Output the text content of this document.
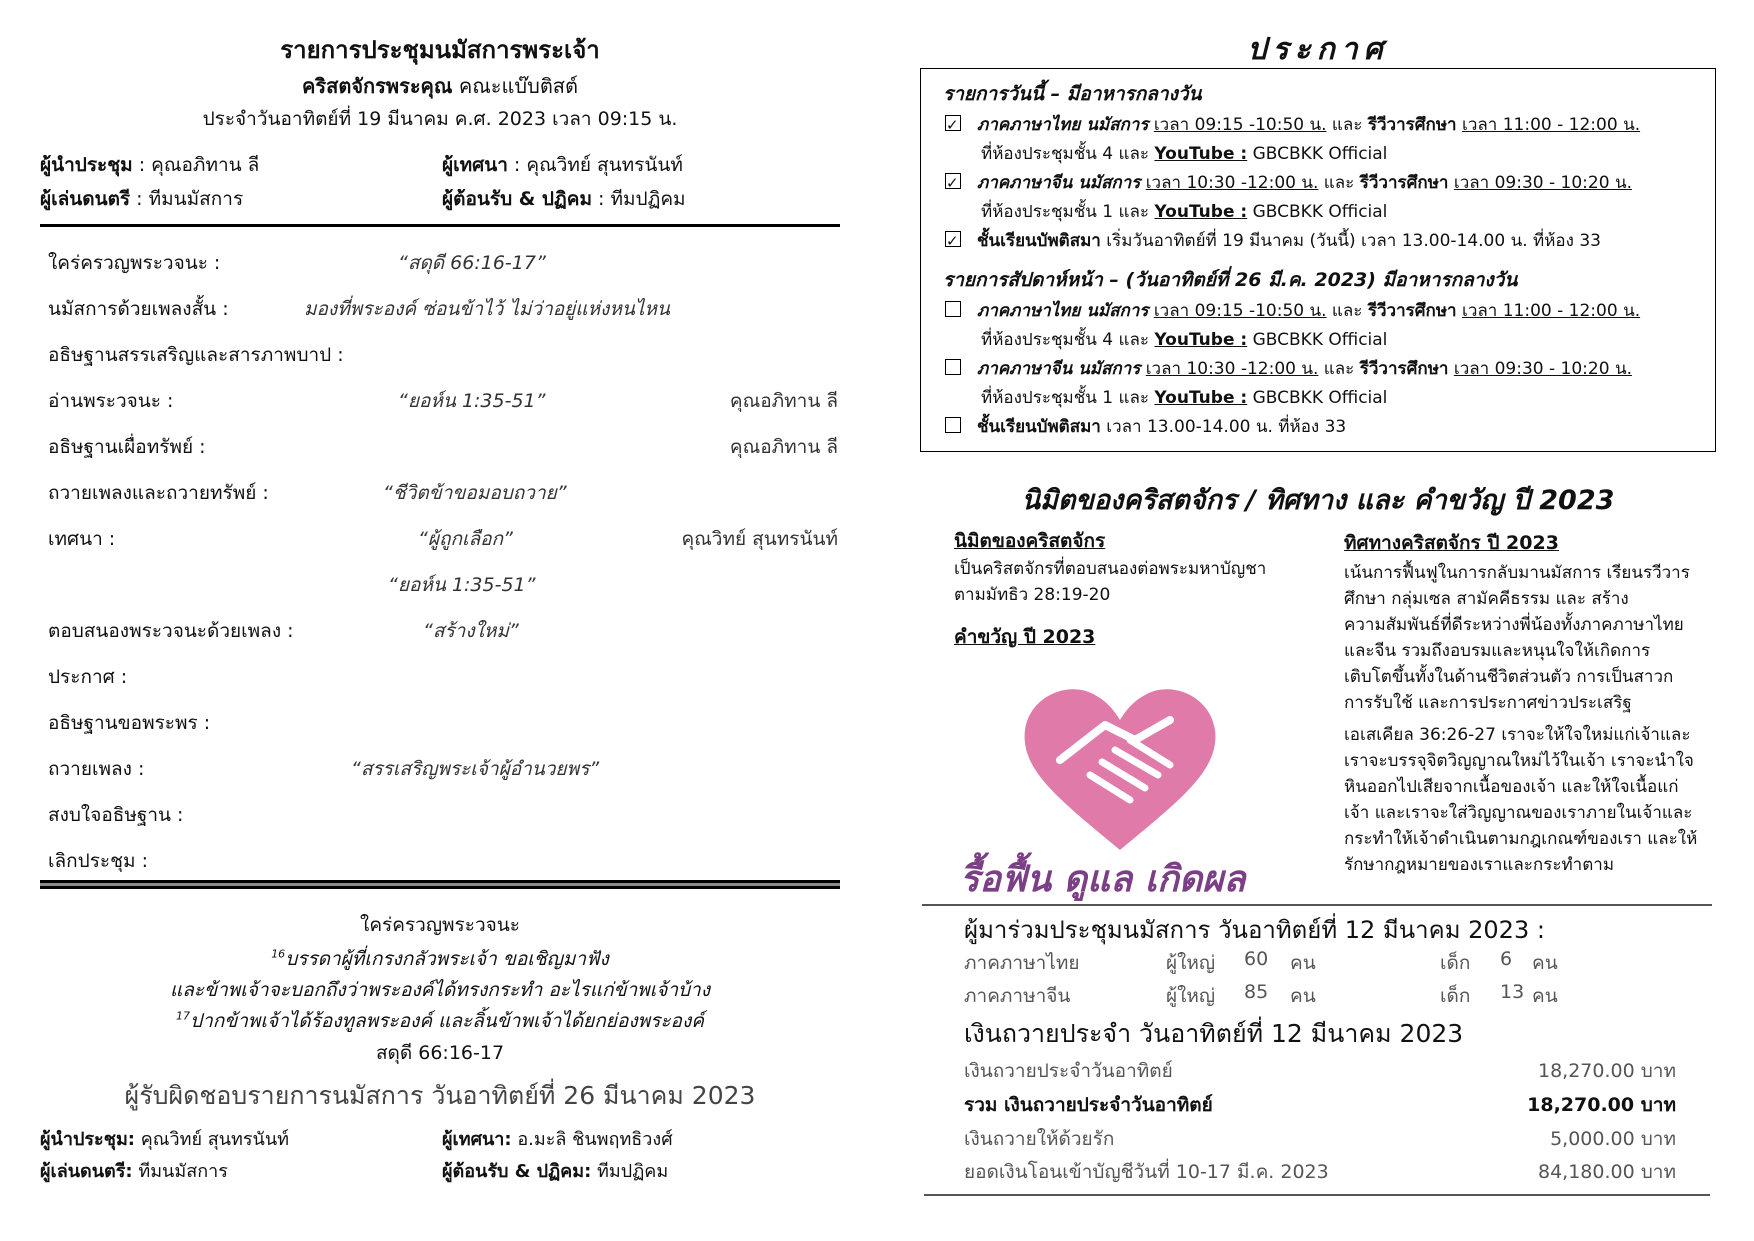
รายการประชุมนมัสการพระเจ้า
คริสตจักรพระคุณ คณะแบ๊บติสต์
ประจำวันอาทิตย์ที่ 19 มีนาคม ค.ศ. 2023 เวลา 09:15 น.
ผู้นำประชุม : คุณอภิทาน ลี	ผู้เทศนา : คุณวิทย์ สุนทรนันท์
ผู้เล่นดนตรี : ทีมนมัสการ	ผู้ต้อนรับ & ปฏิคม : ทีมปฏิคม
ใคร่ครวญพระวจนะ :	“สดุดี 66:16-17”
นมัสการด้วยเพลงสั้น :	มองที่พระองค์ ซ่อนข้าไว้ ไม่ว่าอยู่แห่งหนไหน
อธิษฐานสรรเสริญและสารภาพบาป :
อ่านพระวจนะ :	“ยอห์น 1:35-51”	คุณอภิทาน ลี
อธิษฐานเผื่อทรัพย์ :	คุณอภิทาน ลี
ถวายเพลงและถวายทรัพย์ :	“ชีวิตข้าขอมอบถวาย”
เทศนา :	“ผู้ถูกเลือก”	คุณวิทย์ สุนทรนันท์
“ยอห์น 1:35-51”
ตอบสนองพระวจนะด้วยเพลง :	“สร้างใหม่”
ประกาศ :
อธิษฐานขอพระพร :
ถวายเพลง :	“สรรเสริญพระเจ้าผู้อำนวยพร”
สงบใจอธิษฐาน :
เลิกประชุม :
ใคร่ครวญพระวจนะ
$^{16}$บรรดาผู้ที่เกรงกลัวพระเจ้า ขอเชิญมาฟัง
และข้าพเจ้าจะบอกถึงว่าพระองค์ได้ทรงกระทำ อะไรแก่ข้าพเจ้าบ้าง
$^{17}$ปากข้าพเจ้าได้ร้องทูลพระองค์ และลิ้นข้าพเจ้าได้ยกย่องพระองค์
สดุดี 66:16-17
ผู้รับผิดชอบรายการนมัสการ วันอาทิตย์ที่ 26 มีนาคม 2023
ผู้นำประชุม: คุณวิทย์ สุนทรนันท์	ผู้เทศนา: อ.มะลิ ชินพฤทธิวงศ์
ผู้เล่นดนตรี: ทีมนมัสการ	ผู้ต้อนรับ & ปฏิคม: ทีมปฏิคม
ประกาศ
รายการวันนี้ – มีอาหารกลางวัน
✓ภาคภาษาไทย นมัสการ เวลา 09:15 -10:50 น. และ รีวีวารศึกษา เวลา 11:00 - 12:00 น.
ที่ห้องประชุมชั้น 4 และ YouTube : GBCBKK Official
✓ภาคภาษาจีน นมัสการ เวลา 10:30 -12:00 น. และ รีวีวารศึกษา เวลา 09:30 - 10:20 น.
ที่ห้องประชุมชั้น 1 และ YouTube : GBCBKK Official
✓ชั้นเรียนบัพติสมา เริ่มวันอาทิตย์ที่ 19 มีนาคม (วันนี้) เวลา 13.00-14.00 น. ที่ห้อง 33
รายการสัปดาห์หน้า – (วันอาทิตย์ที่ 26 มี.ค. 2023) มีอาหารกลางวัน
ภาคภาษาไทย นมัสการ เวลา 09:15 -10:50 น. และ รีวีวารศึกษา เวลา 11:00 - 12:00 น.
ที่ห้องประชุมชั้น 4 และ YouTube : GBCBKK Official
ภาคภาษาจีน นมัสการ เวลา 10:30 -12:00 น. และ รีวีวารศึกษา เวลา 09:30 - 10:20 น.
ที่ห้องประชุมชั้น 1 และ YouTube : GBCBKK Official
ชั้นเรียนบัพติสมา เวลา 13.00-14.00 น. ที่ห้อง 33
นิมิตของคริสตจักร / ทิศทาง และ คำขวัญ ปี 2023
นิมิตของคริสตจักร
เป็นคริสตจักรที่ตอบสนองต่อพระมหาบัญชา
ตามมัทธิว 28:19-20
คำขวัญ ปี 2023
รื้อฟื้น ดูแล เกิดผล
ทิศทางคริสตจักร ปี 2023
เน้นการฟื้นฟูในการกลับมานมัสการ เรียนรวีวาร
ศึกษา กลุ่มเซล สามัคคีธรรม และ สร้าง
ความสัมพันธ์ที่ดีระหว่างพี่น้องทั้งภาคภาษาไทย
และจีน รวมถึงอบรมและหนุนใจให้เกิดการ
เติบโตขึ้นทั้งในด้านชีวิตส่วนตัว การเป็นสาวก
การรับใช้ และการประกาศข่าวประเสริฐ
เอเสเคียล 36:26-27 เราจะให้ใจใหม่แก่เจ้าและ
เราจะบรรจุจิตวิญญาณใหม่ไว้ในเจ้า เราจะนำใจ
หินออกไปเสียจากเนื้อของเจ้า และให้ใจเนื้อแก่
เจ้า และเราจะใส่วิญญาณของเราภายในเจ้าและ
กระทำให้เจ้าดำเนินตามกฎเกณฑ์ของเรา และให้
รักษากฎหมายของเราและกระทำตาม
ผู้มาร่วมประชุมนมัสการ วันอาทิตย์ที่ 12 มีนาคม 2023 :
ภาคภาษาไทย	ผู้ใหญ่ 60 คน	เด็ก 6 คน
ภาคภาษาจีน	ผู้ใหญ่ 85 คน	เด็ก 13 คน
เงินถวายประจำ วันอาทิตย์ที่ 12 มีนาคม 2023
เงินถวายประจำวันอาทิตย์	18,270.00 บาท
รวม เงินถวายประจำวันอาทิตย์	18,270.00 บาท
เงินถวายให้ด้วยรัก	5,000.00 บาท
ยอดเงินโอนเข้าบัญชีวันที่ 10-17 มี.ค. 2023	84,180.00 บาท
